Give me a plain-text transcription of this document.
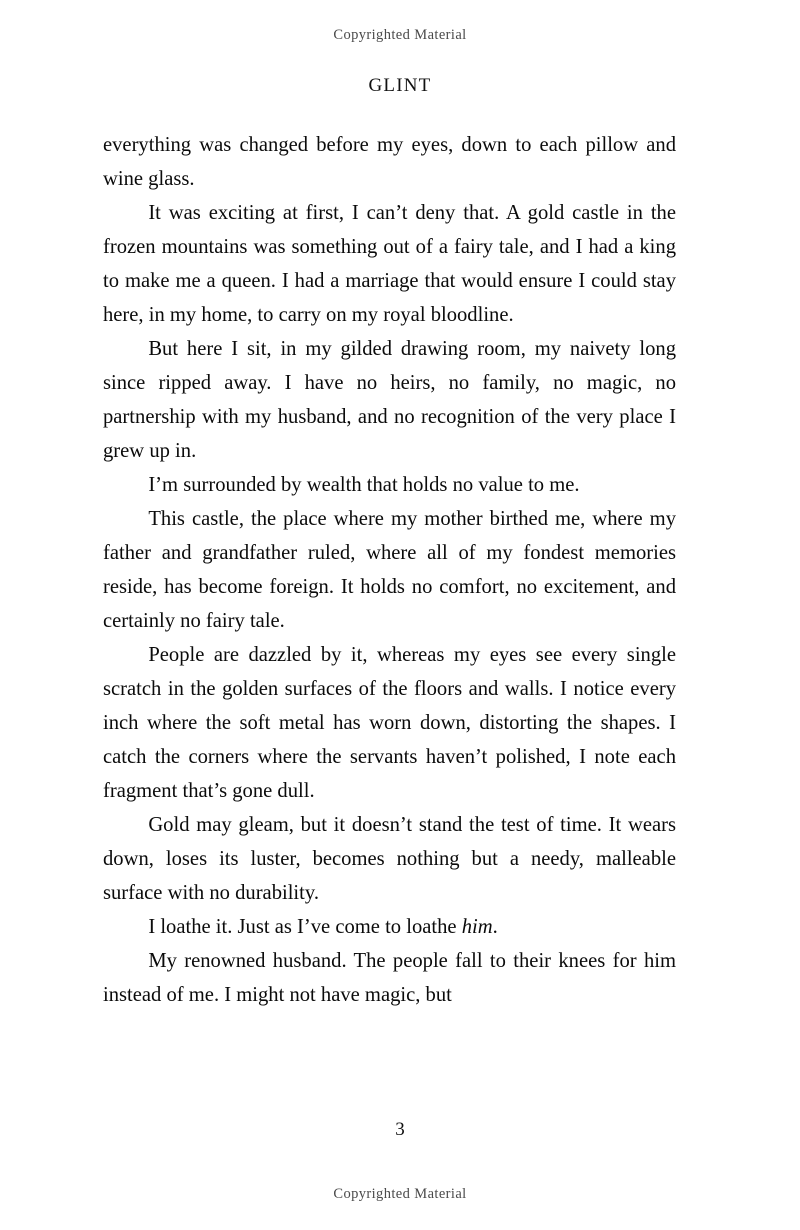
Copyrighted Material
GLINT

everything was changed before my eyes, down to each pillow and wine glass.

It was exciting at first, I can’t deny that. A gold castle in the frozen mountains was something out of a fairy tale, and I had a king to make me a queen. I had a marriage that would ensure I could stay here, in my home, to carry on my royal bloodline.

But here I sit, in my gilded drawing room, my naivety long since ripped away. I have no heirs, no family, no magic, no partnership with my husband, and no recognition of the very place I grew up in.

I’m surrounded by wealth that holds no value to me.

This castle, the place where my mother birthed me, where my father and grandfather ruled, where all of my fondest memories reside, has become foreign. It holds no comfort, no excitement, and certainly no fairy tale.

People are dazzled by it, whereas my eyes see every single scratch in the golden surfaces of the floors and walls. I notice every inch where the soft metal has worn down, distorting the shapes. I catch the corners where the servants haven’t polished, I note each fragment that’s gone dull.

Gold may gleam, but it doesn’t stand the test of time. It wears down, loses its luster, becomes nothing but a needy, malleable surface with no durability.

I loathe it. Just as I’ve come to loathe him.

My renowned husband. The people fall to their knees for him instead of me. I might not have magic, but

3
Copyrighted Material
